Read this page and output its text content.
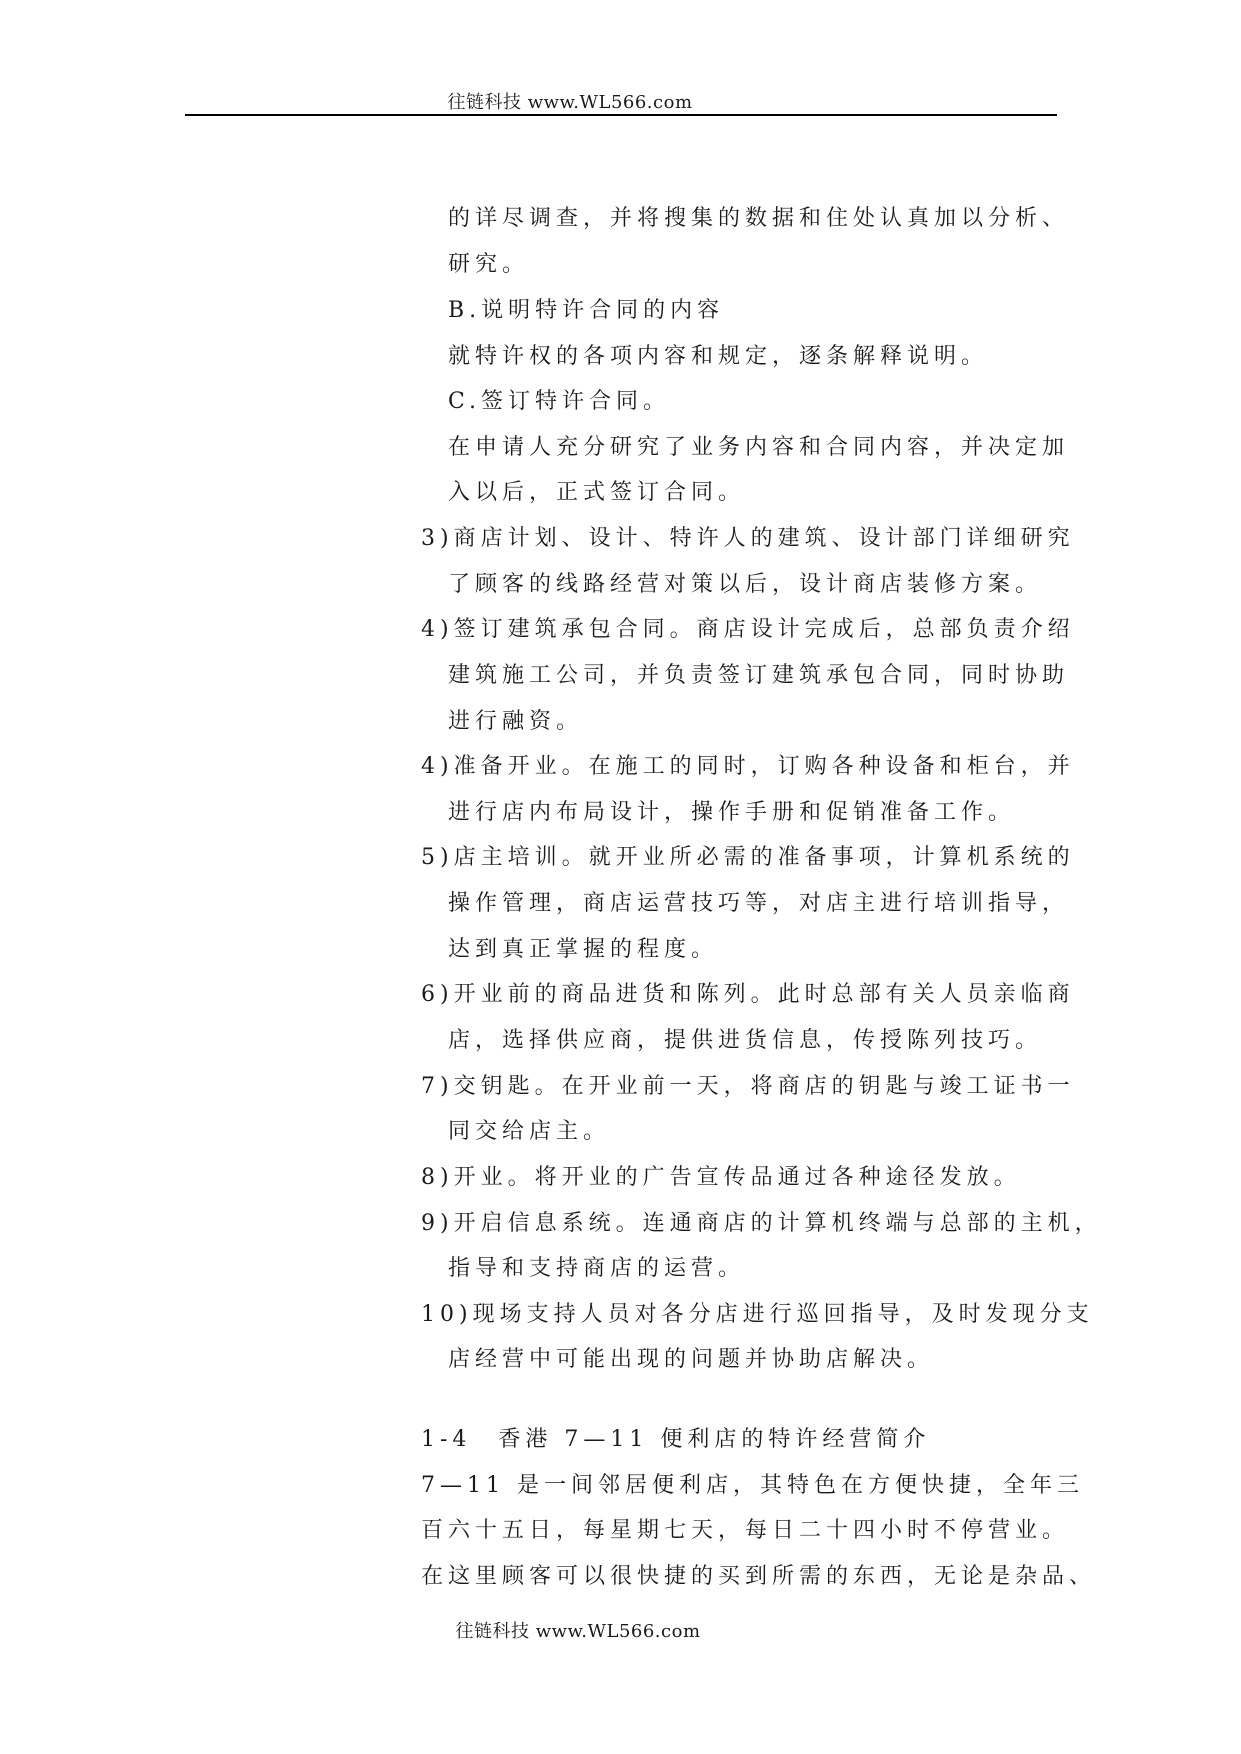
往链科技 www.WL566.com
的详尽调查，并将搜集的数据和住处认真加以分析、
研究。
B.说明特许合同的内容
就特许权的各项内容和规定，逐条解释说明。
C.签订特许合同。
在申请人充分研究了业务内容和合同内容，并决定加
入以后，正式签订合同。
3)商店计划、设计、特许人的建筑、设计部门详细研究
了顾客的线路经营对策以后，设计商店装修方案。
4)签订建筑承包合同。商店设计完成后，总部负责介绍
建筑施工公司，并负责签订建筑承包合同，同时协助
进行融资。
4)准备开业。在施工的同时，订购各种设备和柜台，并
进行店内布局设计，操作手册和促销准备工作。
5)店主培训。就开业所必需的准备事项，计算机系统的
操作管理，商店运营技巧等，对店主进行培训指导，
达到真正掌握的程度。
6)开业前的商品进货和陈列。此时总部有关人员亲临商
店，选择供应商，提供进货信息，传授陈列技巧。
7)交钥匙。在开业前一天，将商店的钥匙与竣工证书一
同交给店主。
8)开业。将开业的广告宣传品通过各种途径发放。
9)开启信息系统。连通商店的计算机终端与总部的主机，
指导和支持商店的运营。
10)现场支持人员对各分店进行巡回指导，及时发现分支
店经营中可能出现的问题并协助店解决。
1-4　香港 7—11 便利店的特许经营简介
7—11 是一间邻居便利店，其特色在方便快捷，全年三
百六十五日，每星期七天，每日二十四小时不停营业。
在这里顾客可以很快捷的买到所需的东西，无论是杂品、
往链科技 www.WL566.com
